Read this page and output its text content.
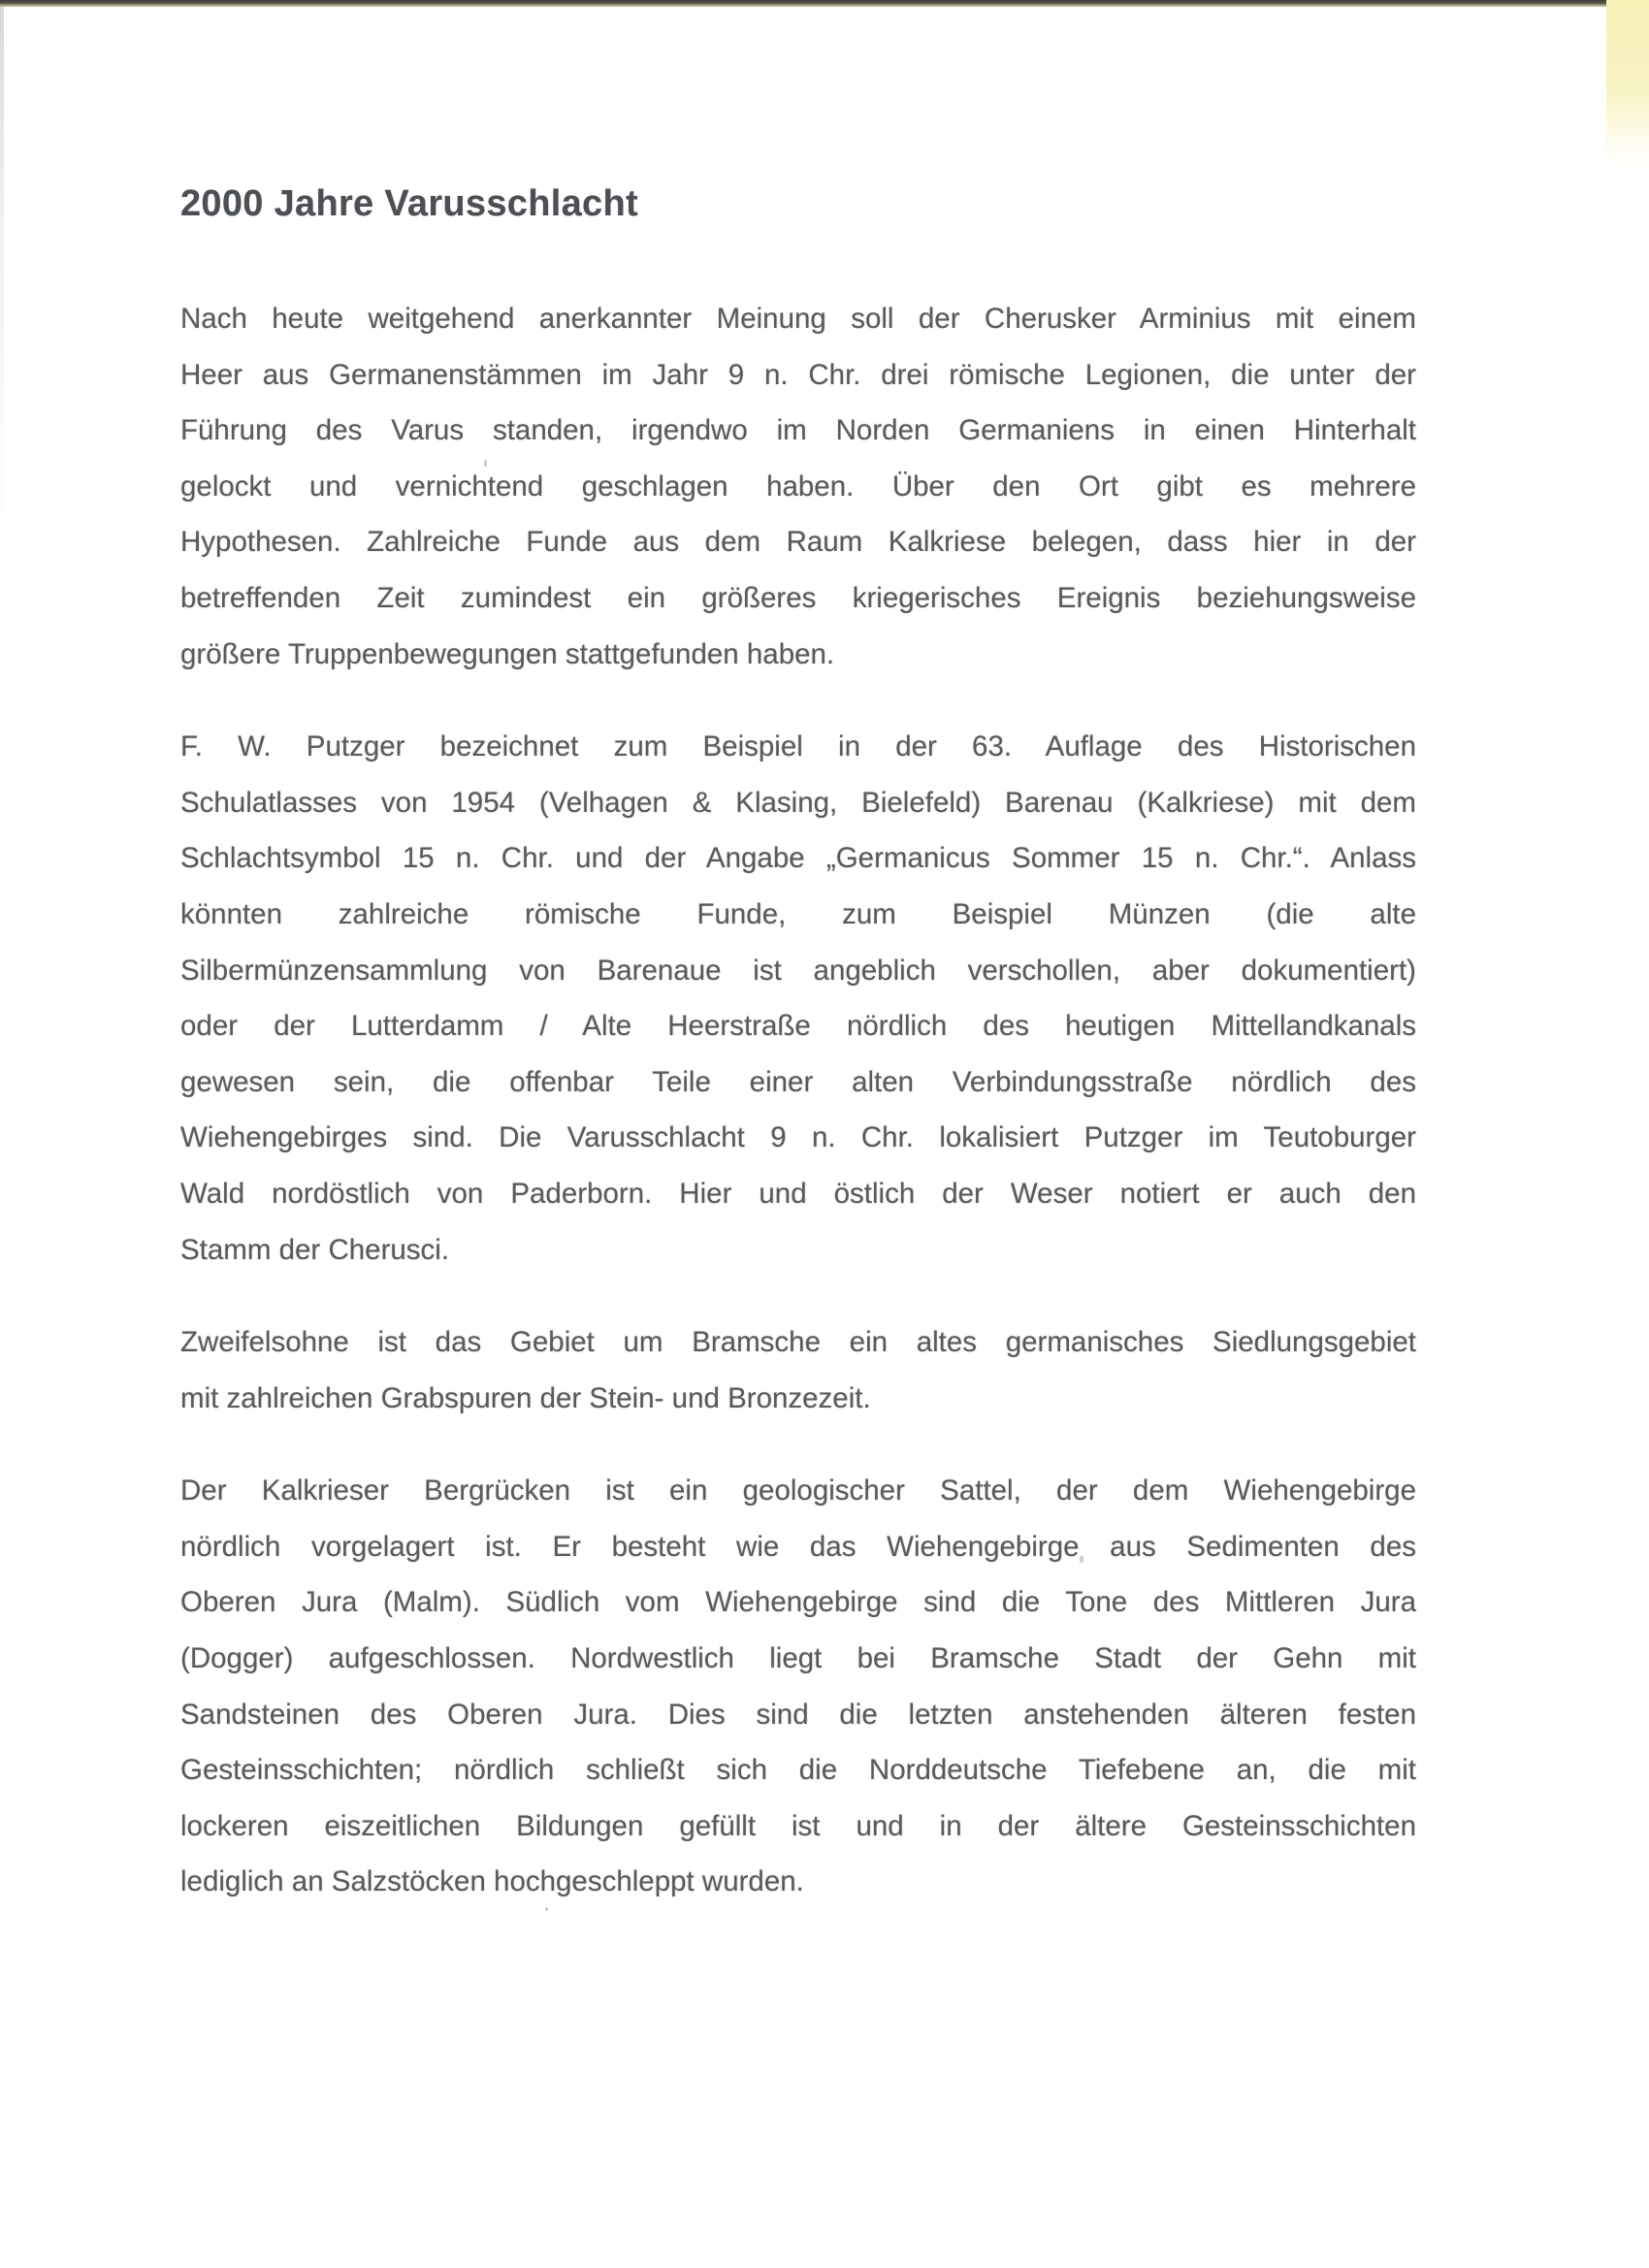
2000 Jahre Varusschlacht
Nach heute weitgehend anerkannter Meinung soll der Cherusker Arminius mit einem
Heer aus Germanenstämmen im Jahr 9 n. Chr. drei römische Legionen, die unter der
Führung des Varus standen, irgendwo im Norden Germaniens in einen Hinterhalt
gelockt und vernichtend geschlagen haben. Über den Ort gibt es mehrere
Hypothesen. Zahlreiche Funde aus dem Raum Kalkriese belegen, dass hier in der
betreffenden Zeit zumindest ein größeres kriegerisches Ereignis beziehungsweise
größere Truppenbewegungen stattgefunden haben.
F. W. Putzger bezeichnet zum Beispiel in der 63. Auflage des Historischen
Schulatlasses von 1954 (Velhagen & Klasing, Bielefeld) Barenau (Kalkriese) mit dem
Schlachtsymbol 15 n. Chr. und der Angabe „Germanicus Sommer 15 n. Chr.“. Anlass
könnten zahlreiche römische Funde, zum Beispiel Münzen (die alte
Silbermünzensammlung von Barenaue ist angeblich verschollen, aber dokumentiert)
oder der Lutterdamm / Alte Heerstraße nördlich des heutigen Mittellandkanals
gewesen sein, die offenbar Teile einer alten Verbindungsstraße nördlich des
Wiehengebirges sind. Die Varusschlacht 9 n. Chr. lokalisiert Putzger im Teutoburger
Wald nordöstlich von Paderborn. Hier und östlich der Weser notiert er auch den
Stamm der Cherusci.
Zweifelsohne ist das Gebiet um Bramsche ein altes germanisches Siedlungsgebiet
mit zahlreichen Grabspuren der Stein- und Bronzezeit.
Der Kalkrieser Bergrücken ist ein geologischer Sattel, der dem Wiehengebirge
nördlich vorgelagert ist. Er besteht wie das Wiehengebirge aus Sedimenten des
Oberen Jura (Malm). Südlich vom Wiehengebirge sind die Tone des Mittleren Jura
(Dogger) aufgeschlossen. Nordwestlich liegt bei Bramsche Stadt der Gehn mit
Sandsteinen des Oberen Jura. Dies sind die letzten anstehenden älteren festen
Gesteinsschichten; nördlich schließt sich die Norddeutsche Tiefebene an, die mit
lockeren eiszeitlichen Bildungen gefüllt ist und in der ältere Gesteinsschichten
lediglich an Salzstöcken hochgeschleppt wurden.
